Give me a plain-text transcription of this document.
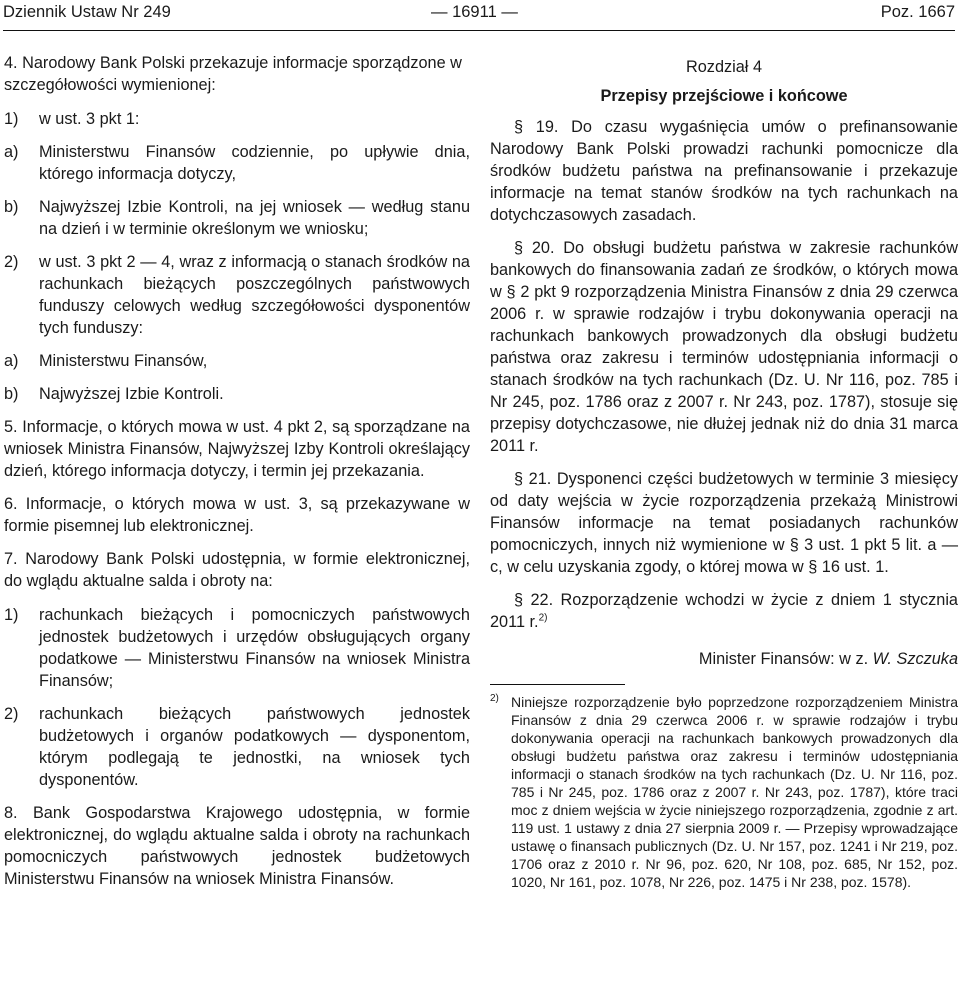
Dziennik Ustaw Nr 249	— 16911 —	Poz. 1667

4. Narodowy Bank Polski przekazuje informacje sporządzone w szczegółowości wymienionej:

1) w ust. 3 pkt 1:

a) Ministerstwu Finansów codziennie, po upływie dnia, którego informacja dotyczy,

b) Najwyższej Izbie Kontroli, na jej wniosek — według stanu na dzień i w terminie określonym we wniosku;

2) w ust. 3 pkt 2 — 4, wraz z informacją o stanach środków na rachunkach bieżących poszczególnych państwowych funduszy celowych według szczegółowości dysponentów tych funduszy:

a) Ministerstwu Finansów,

b) Najwyższej Izbie Kontroli.

5. Informacje, o których mowa w ust. 4 pkt 2, są sporządzane na wniosek Ministra Finansów, Najwyższej Izby Kontroli określający dzień, którego informacja dotyczy, i termin jej przekazania.

6. Informacje, o których mowa w ust. 3, są przekazywane w formie pisemnej lub elektronicznej.

7. Narodowy Bank Polski udostępnia, w formie elektronicznej, do wglądu aktualne salda i obroty na:

1) rachunkach bieżących i pomocniczych państwowych jednostek budżetowych i urzędów obsługujących organy podatkowe — Ministerstwu Finansów na wniosek Ministra Finansów;

2) rachunkach bieżących państwowych jednostek budżetowych i organów podatkowych — dysponentom, którym podlegają te jednostki, na wniosek tych dysponentów.

8. Bank Gospodarstwa Krajowego udostępnia, w formie elektronicznej, do wglądu aktualne salda i obroty na rachunkach pomocniczych państwowych jednostek budżetowych Ministerstwu Finansów na wniosek Ministra Finansów.

Rozdział 4

Przepisy przejściowe i końcowe

§ 19. Do czasu wygaśnięcia umów o prefinansowanie Narodowy Bank Polski prowadzi rachunki pomocnicze dla środków budżetu państwa na prefinansowanie i przekazuje informacje na temat stanów środków na tych rachunkach na dotychczasowych zasadach.

§ 20. Do obsługi budżetu państwa w zakresie rachunków bankowych do finansowania zadań ze środków, o których mowa w § 2 pkt 9 rozporządzenia Ministra Finansów z dnia 29 czerwca 2006 r. w sprawie rodzajów i trybu dokonywania operacji na rachunkach bankowych prowadzonych dla obsługi budżetu państwa oraz zakresu i terminów udostępniania informacji o stanach środków na tych rachunkach (Dz. U. Nr 116, poz. 785 i Nr 245, poz. 1786 oraz z 2007 r. Nr 243, poz. 1787), stosuje się przepisy dotychczasowe, nie dłużej jednak niż do dnia 31 marca 2011 r.

§ 21. Dysponenci części budżetowych w terminie 3 miesięcy od daty wejścia w życie rozporządzenia przekażą Ministrowi Finansów informacje na temat posiadanych rachunków pomocniczych, innych niż wymienione w § 3 ust. 1 pkt 5 lit. a — c, w celu uzyskania zgody, o której mowa w § 16 ust. 1.

§ 22. Rozporządzenie wchodzi w życie z dniem 1 stycznia 2011 r.$^{2)}$

Minister Finansów: w z. W. Szczuka

2) Niniejsze rozporządzenie było poprzedzone rozporządzeniem Ministra Finansów z dnia 29 czerwca 2006 r. w sprawie rodzajów i trybu dokonywania operacji na rachunkach bankowych prowadzonych dla obsługi budżetu państwa oraz zakresu i terminów udostępniania informacji o stanach środków na tych rachunkach (Dz. U. Nr 116, poz. 785 i Nr 245, poz. 1786 oraz z 2007 r. Nr 243, poz. 1787), które traci moc z dniem wejścia w życie niniejszego rozporządzenia, zgodnie z art. 119 ust. 1 ustawy z dnia 27 sierpnia 2009 r. — Przepisy wprowadzające ustawę o finansach publicznych (Dz. U. Nr 157, poz. 1241 i Nr 219, poz. 1706 oraz z 2010 r. Nr 96, poz. 620, Nr 108, poz. 685, Nr 152, poz. 1020, Nr 161, poz. 1078, Nr 226, poz. 1475 i Nr 238, poz. 1578).
